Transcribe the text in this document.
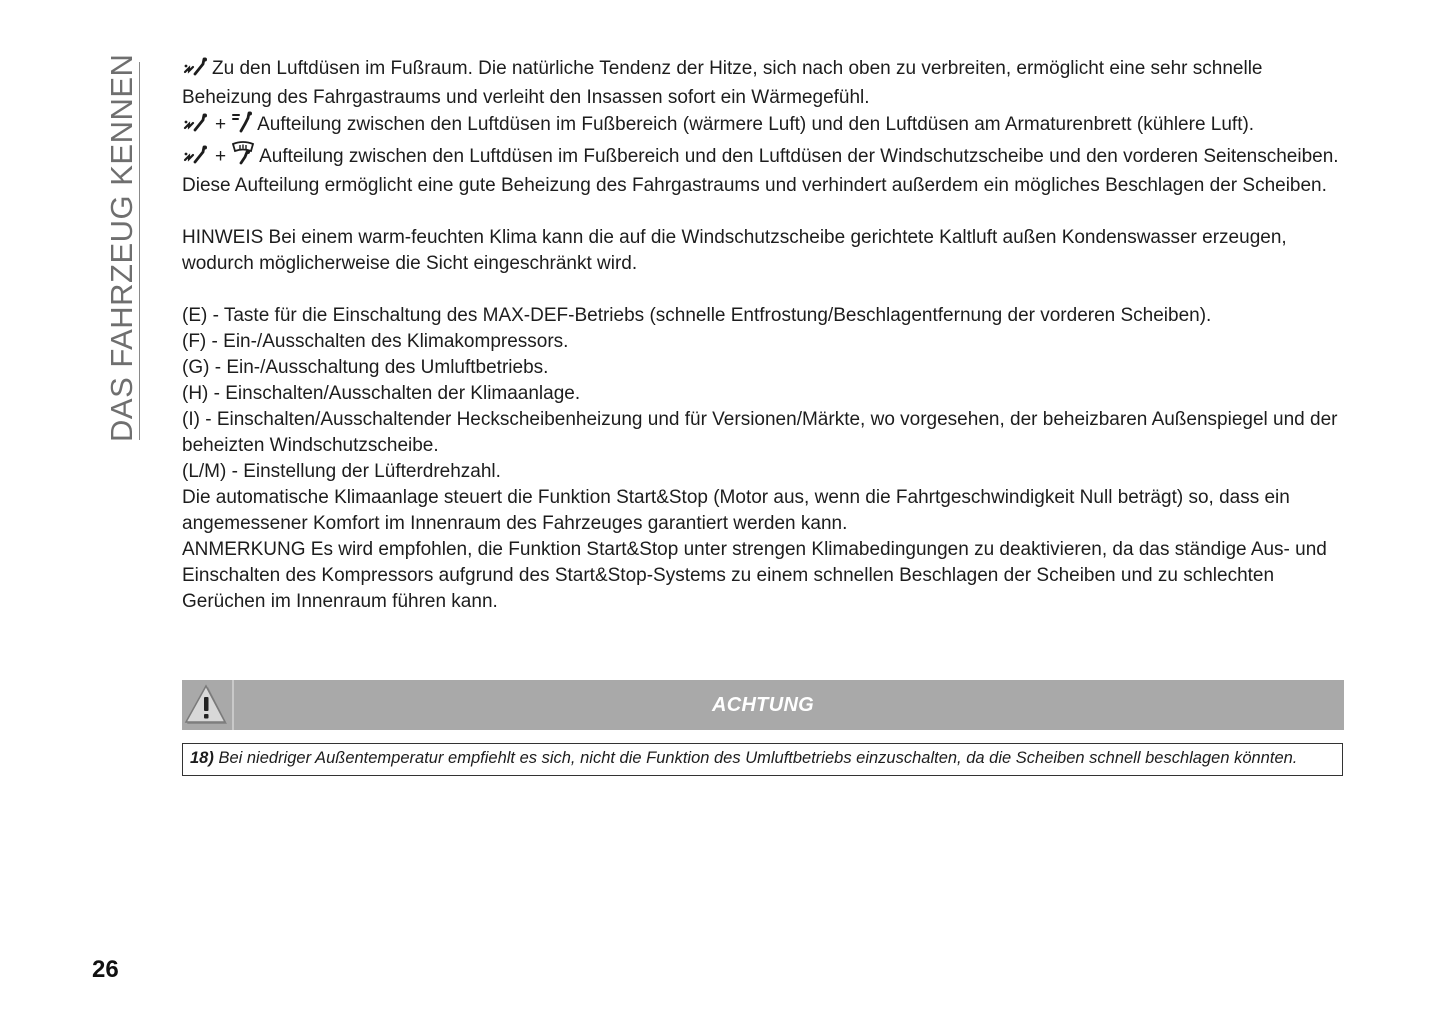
DAS FAHRZEUG KENNEN	Zu den Luftdüsen im Fußraum. Die natürliche Tendenz der Hitze, sich nach oben zu verbreiten, ermöglicht eine sehr schnelle Beheizung des Fahrgastraums und verleiht den Insassen sofort ein Wärmegefühl.

+ Aufteilung zwischen den Luftdüsen im Fußbereich (wärmere Luft) und den Luftdüsen am Armaturenbrett (kühlere Luft).

+ Aufteilung zwischen den Luftdüsen im Fußbereich und den Luftdüsen der Windschutzscheibe und den vorderen Seitenscheiben. Diese Aufteilung ermöglicht eine gute Beheizung des Fahrgastraums und verhindert außerdem ein mögliches Beschlagen der Scheiben.

HINWEIS Bei einem warm-feuchten Klima kann die auf die Windschutzscheibe gerichtete Kaltluft außen Kondenswasser erzeugen, wodurch möglicherweise die Sicht eingeschränkt wird.

(E) - Taste für die Einschaltung des MAX-DEF-Betriebs (schnelle Entfrostung/Beschlagentfernung der vorderen Scheiben).

(F) - Ein-/Ausschalten des Klimakompressors.

(G) - Ein-/Ausschaltung des Umluftbetriebs.

(H) - Einschalten/Ausschalten der Klimaanlage.

(I) - Einschalten/Ausschaltender Heckscheibenheizung und für Versionen/Märkte, wo vorgesehen, der beheizbaren Außenspiegel und der beheizten Windschutzscheibe.

(L/M) - Einstellung der Lüfterdrehzahl.

Die automatische Klimaanlage steuert die Funktion Start&Stop (Motor aus, wenn die Fahrtgeschwindigkeit Null beträgt) so, dass ein angemessener Komfort im Innenraum des Fahrzeuges garantiert werden kann.

ANMERKUNG Es wird empfohlen, die Funktion Start&Stop unter strengen Klimabedingungen zu deaktivieren, da das ständige Aus- und Einschalten des Kompressors aufgrund des Start&Stop-Systems zu einem schnellen Beschlagen der Scheiben und zu schlechten Gerüchen im Innenraum führen kann.

ACHTUNG
18) Bei niedriger Außentemperatur empfiehlt es sich, nicht die Funktion des Umluftbetriebs einzuschalten, da die Scheiben schnell beschlagen könnten.
26
